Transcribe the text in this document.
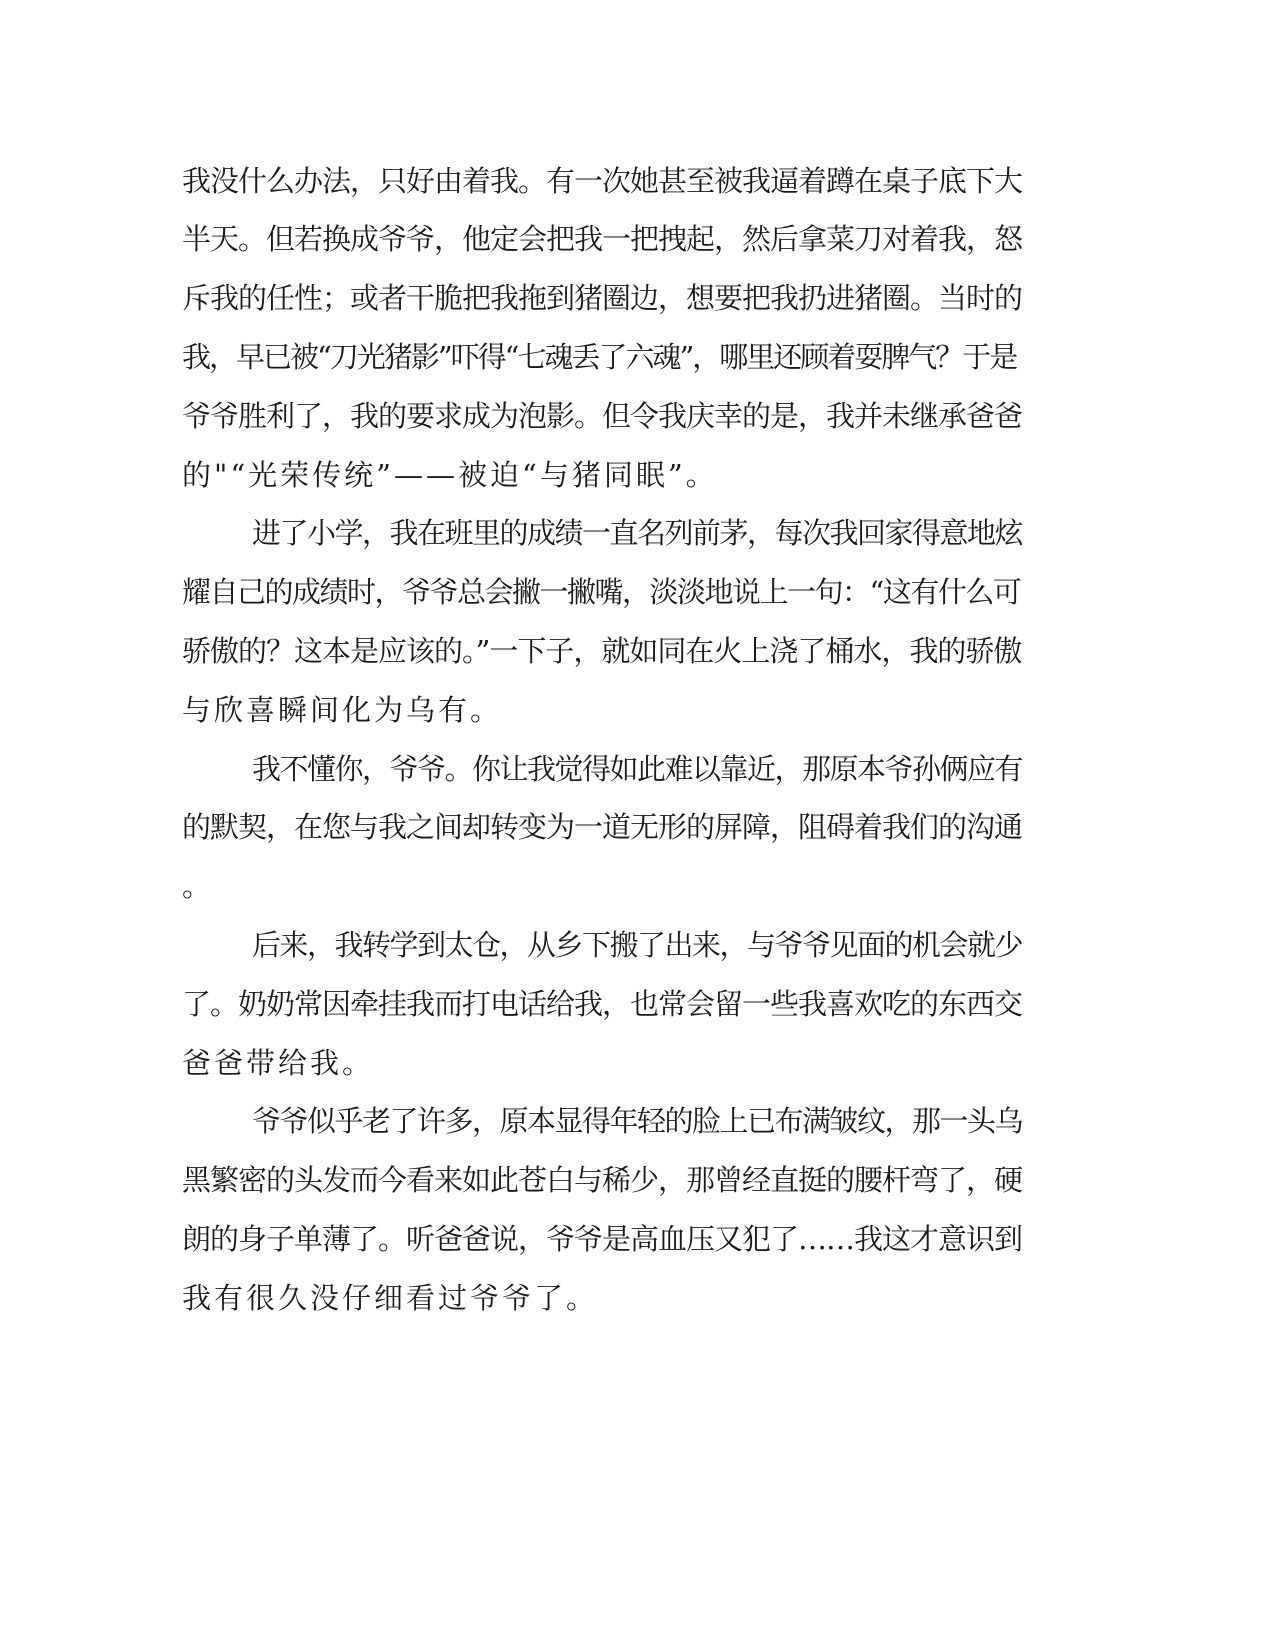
我没什么办法，只好由着我。有一次她甚至被我逼着蹲在桌子底下大
半天。但若换成爷爷，他定会把我一把拽起，然后拿菜刀对着我，怒
斥我的任性；或者干脆把我拖到猪圈边，想要把我扔进猪圈。当时的
我，早已被“刀光猪影”吓得“七魂丢了六魂”，哪里还顾着耍脾气？于是
爷爷胜利了，我的要求成为泡影。但令我庆幸的是，我并未继承爸爸
的"“光荣传统”——被迫“与猪同眠”。
进了小学，我在班里的成绩一直名列前茅，每次我回家得意地炫
耀自己的成绩时，爷爷总会撇一撇嘴，淡淡地说上一句：“这有什么可
骄傲的？这本是应该的。”一下子，就如同在火上浇了桶水，我的骄傲
与欣喜瞬间化为乌有。
我不懂你，爷爷。你让我觉得如此难以靠近，那原本爷孙俩应有
的默契，在您与我之间却转变为一道无形的屏障，阻碍着我们的沟通
。
后来，我转学到太仓，从乡下搬了出来，与爷爷见面的机会就少
了。奶奶常因牵挂我而打电话给我，也常会留一些我喜欢吃的东西交
爸爸带给我。
爷爷似乎老了许多，原本显得年轻的脸上已布满皱纹，那一头乌
黑繁密的头发而今看来如此苍白与稀少，那曾经直挺的腰杆弯了，硬
朗的身子单薄了。听爸爸说，爷爷是高血压又犯了……我这才意识到
我有很久没仔细看过爷爷了。
